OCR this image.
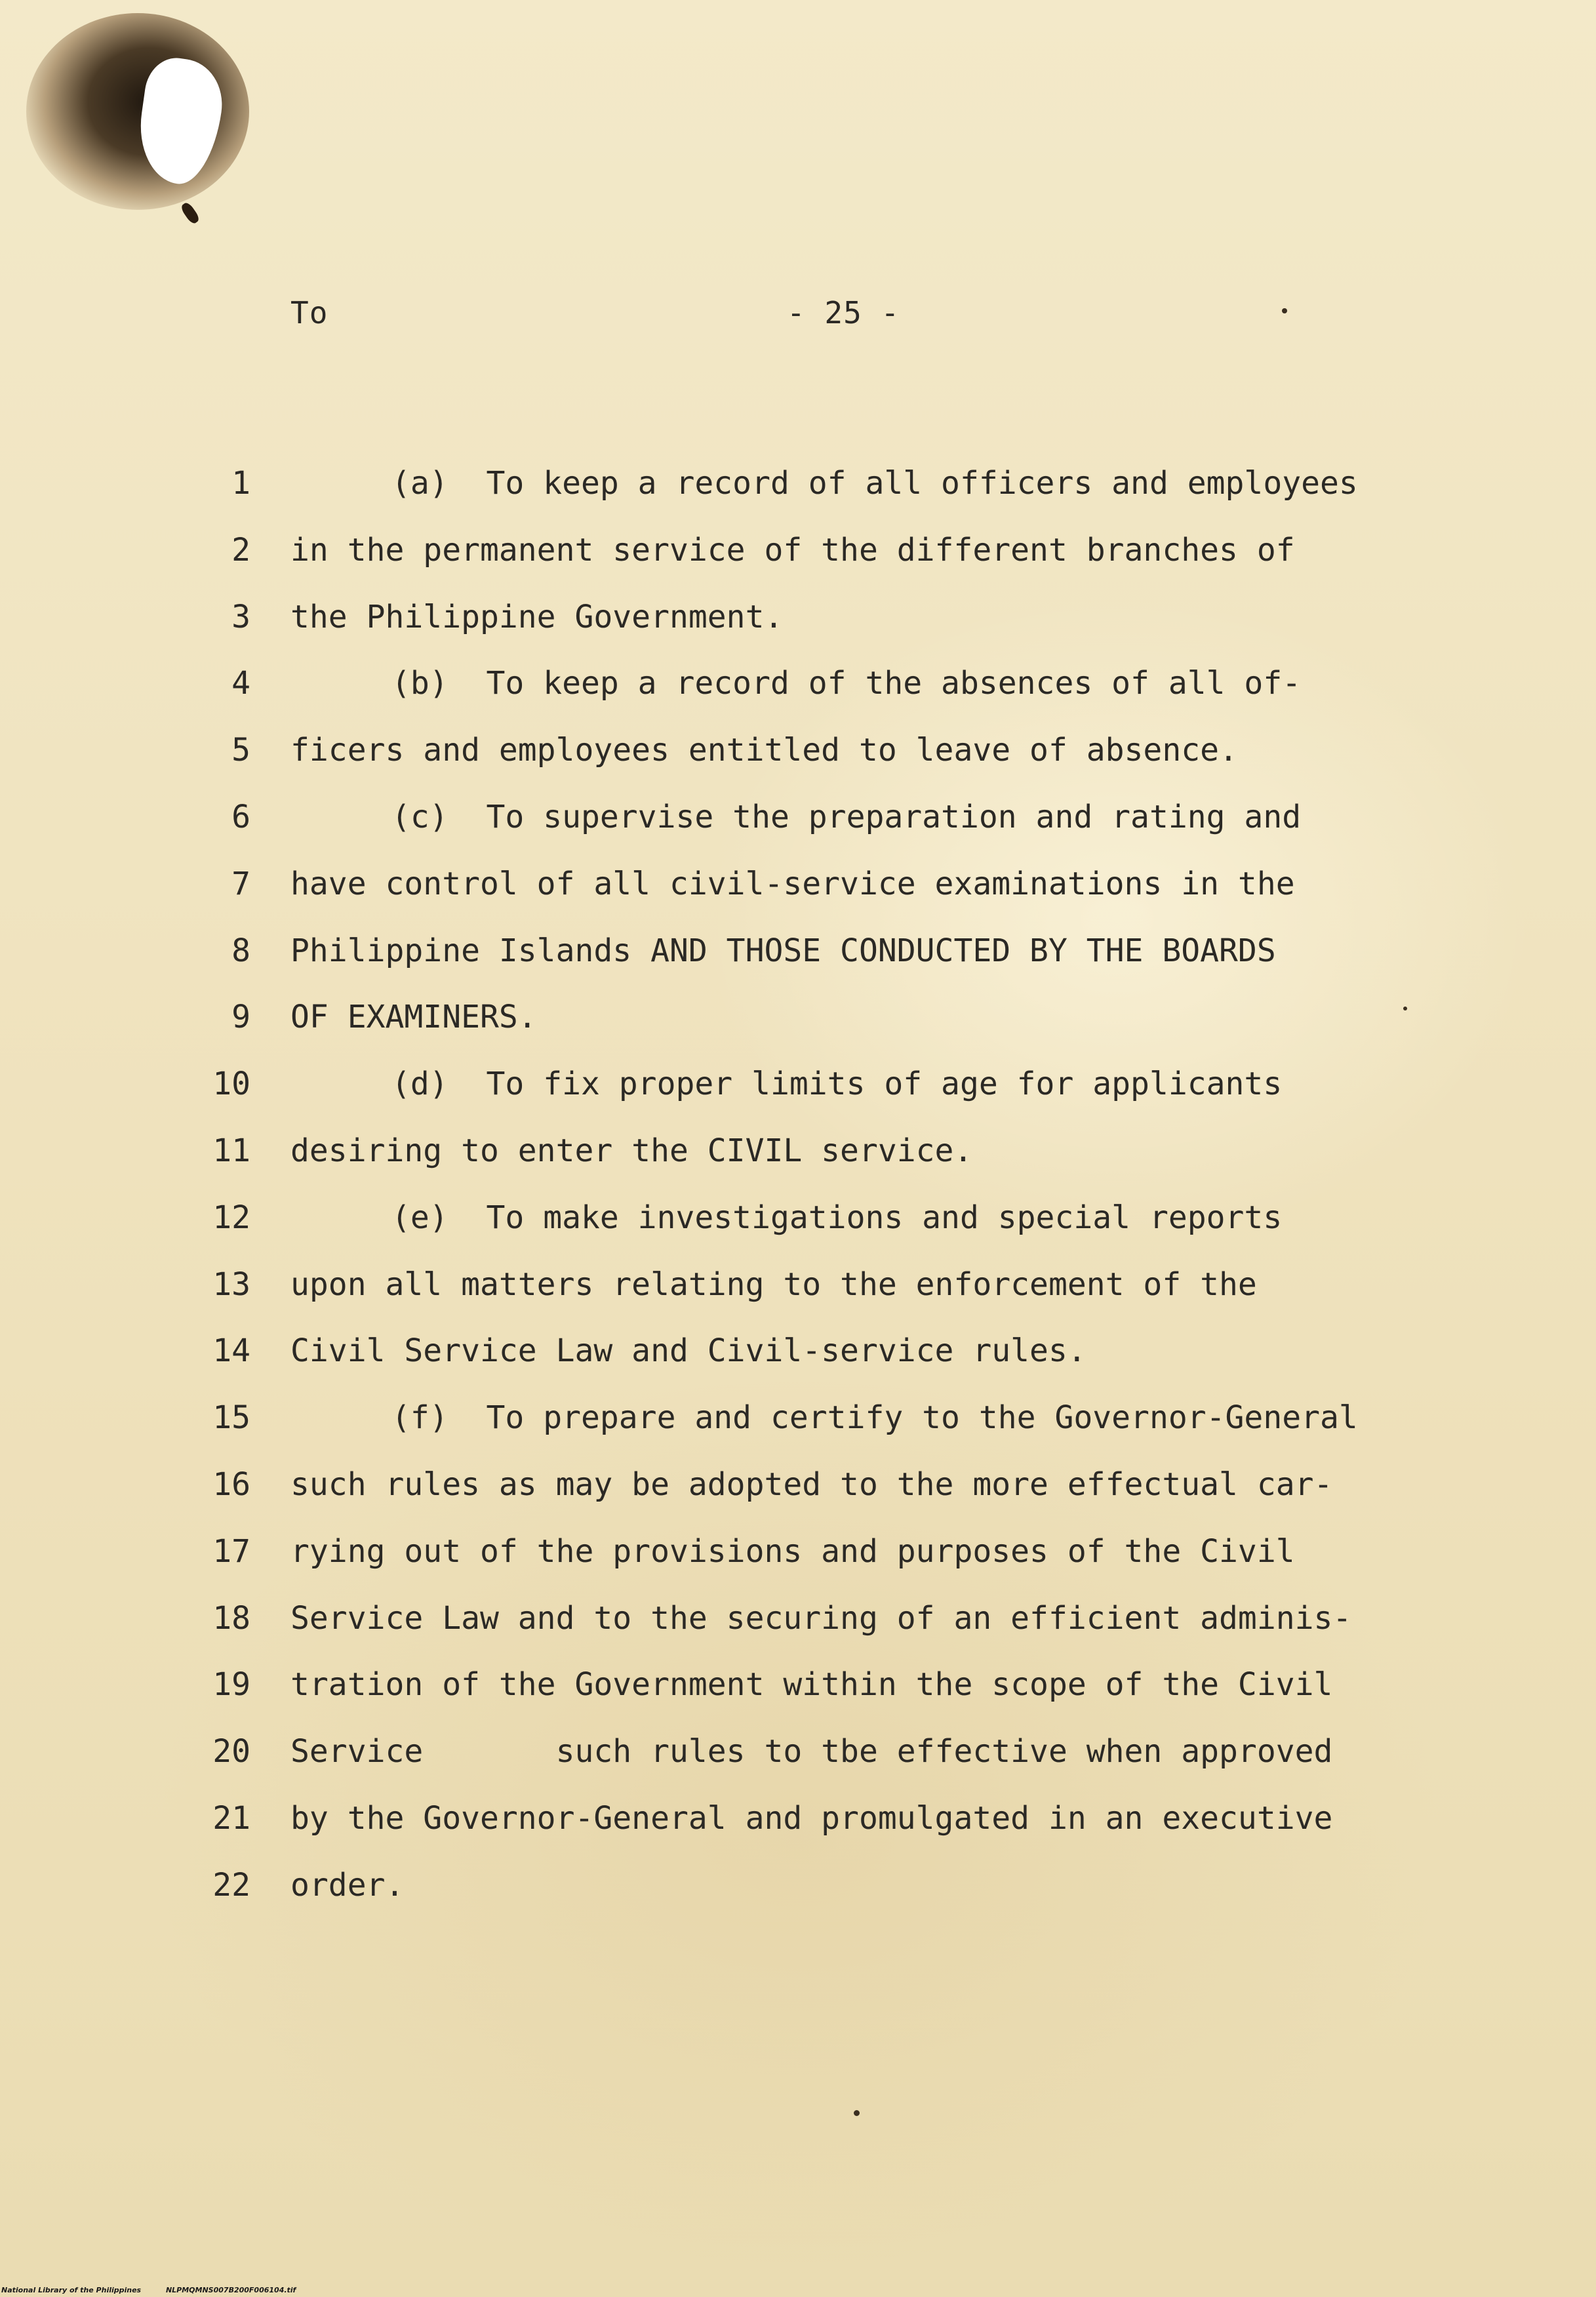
To	- 25 -
1	(a)  To keep a record of all officers and employees
2 in the permanent service of the different branches of
3 the Philippine Government.
4	(b)  To keep a record of the absences of all of-
5 ficers and employees entitled to leave of absence.
6	(c)  To supervise the preparation and rating and
7 have control of all civil-service examinations in the
8 Philippine Islands AND THOSE CONDUCTED BY THE BOARDS
9 OF EXAMINERS.
10	(d)  To fix proper limits of age for applicants
11 desiring to enter the CIVIL service.
12	(e)  To make investigations and special reports
13 upon all matters relating to the enforcement of the
14 Civil Service Law and Civil-service rules.
15	(f)  To prepare and certify to the Governor-General
16 such rules as may be adopted to the more effectual car-
17 rying out of the provisions and purposes of the Civil
18 Service Law and to the securing of an efficient adminis-
19 tration of the Government within the scope of the Civil
20 Service       such rules to tbe effective when approved
21 by the Governor-General and promulgated in an executive
22 order.
National Library of the Philippines	NLPMQMNS007B200F006104.tif
